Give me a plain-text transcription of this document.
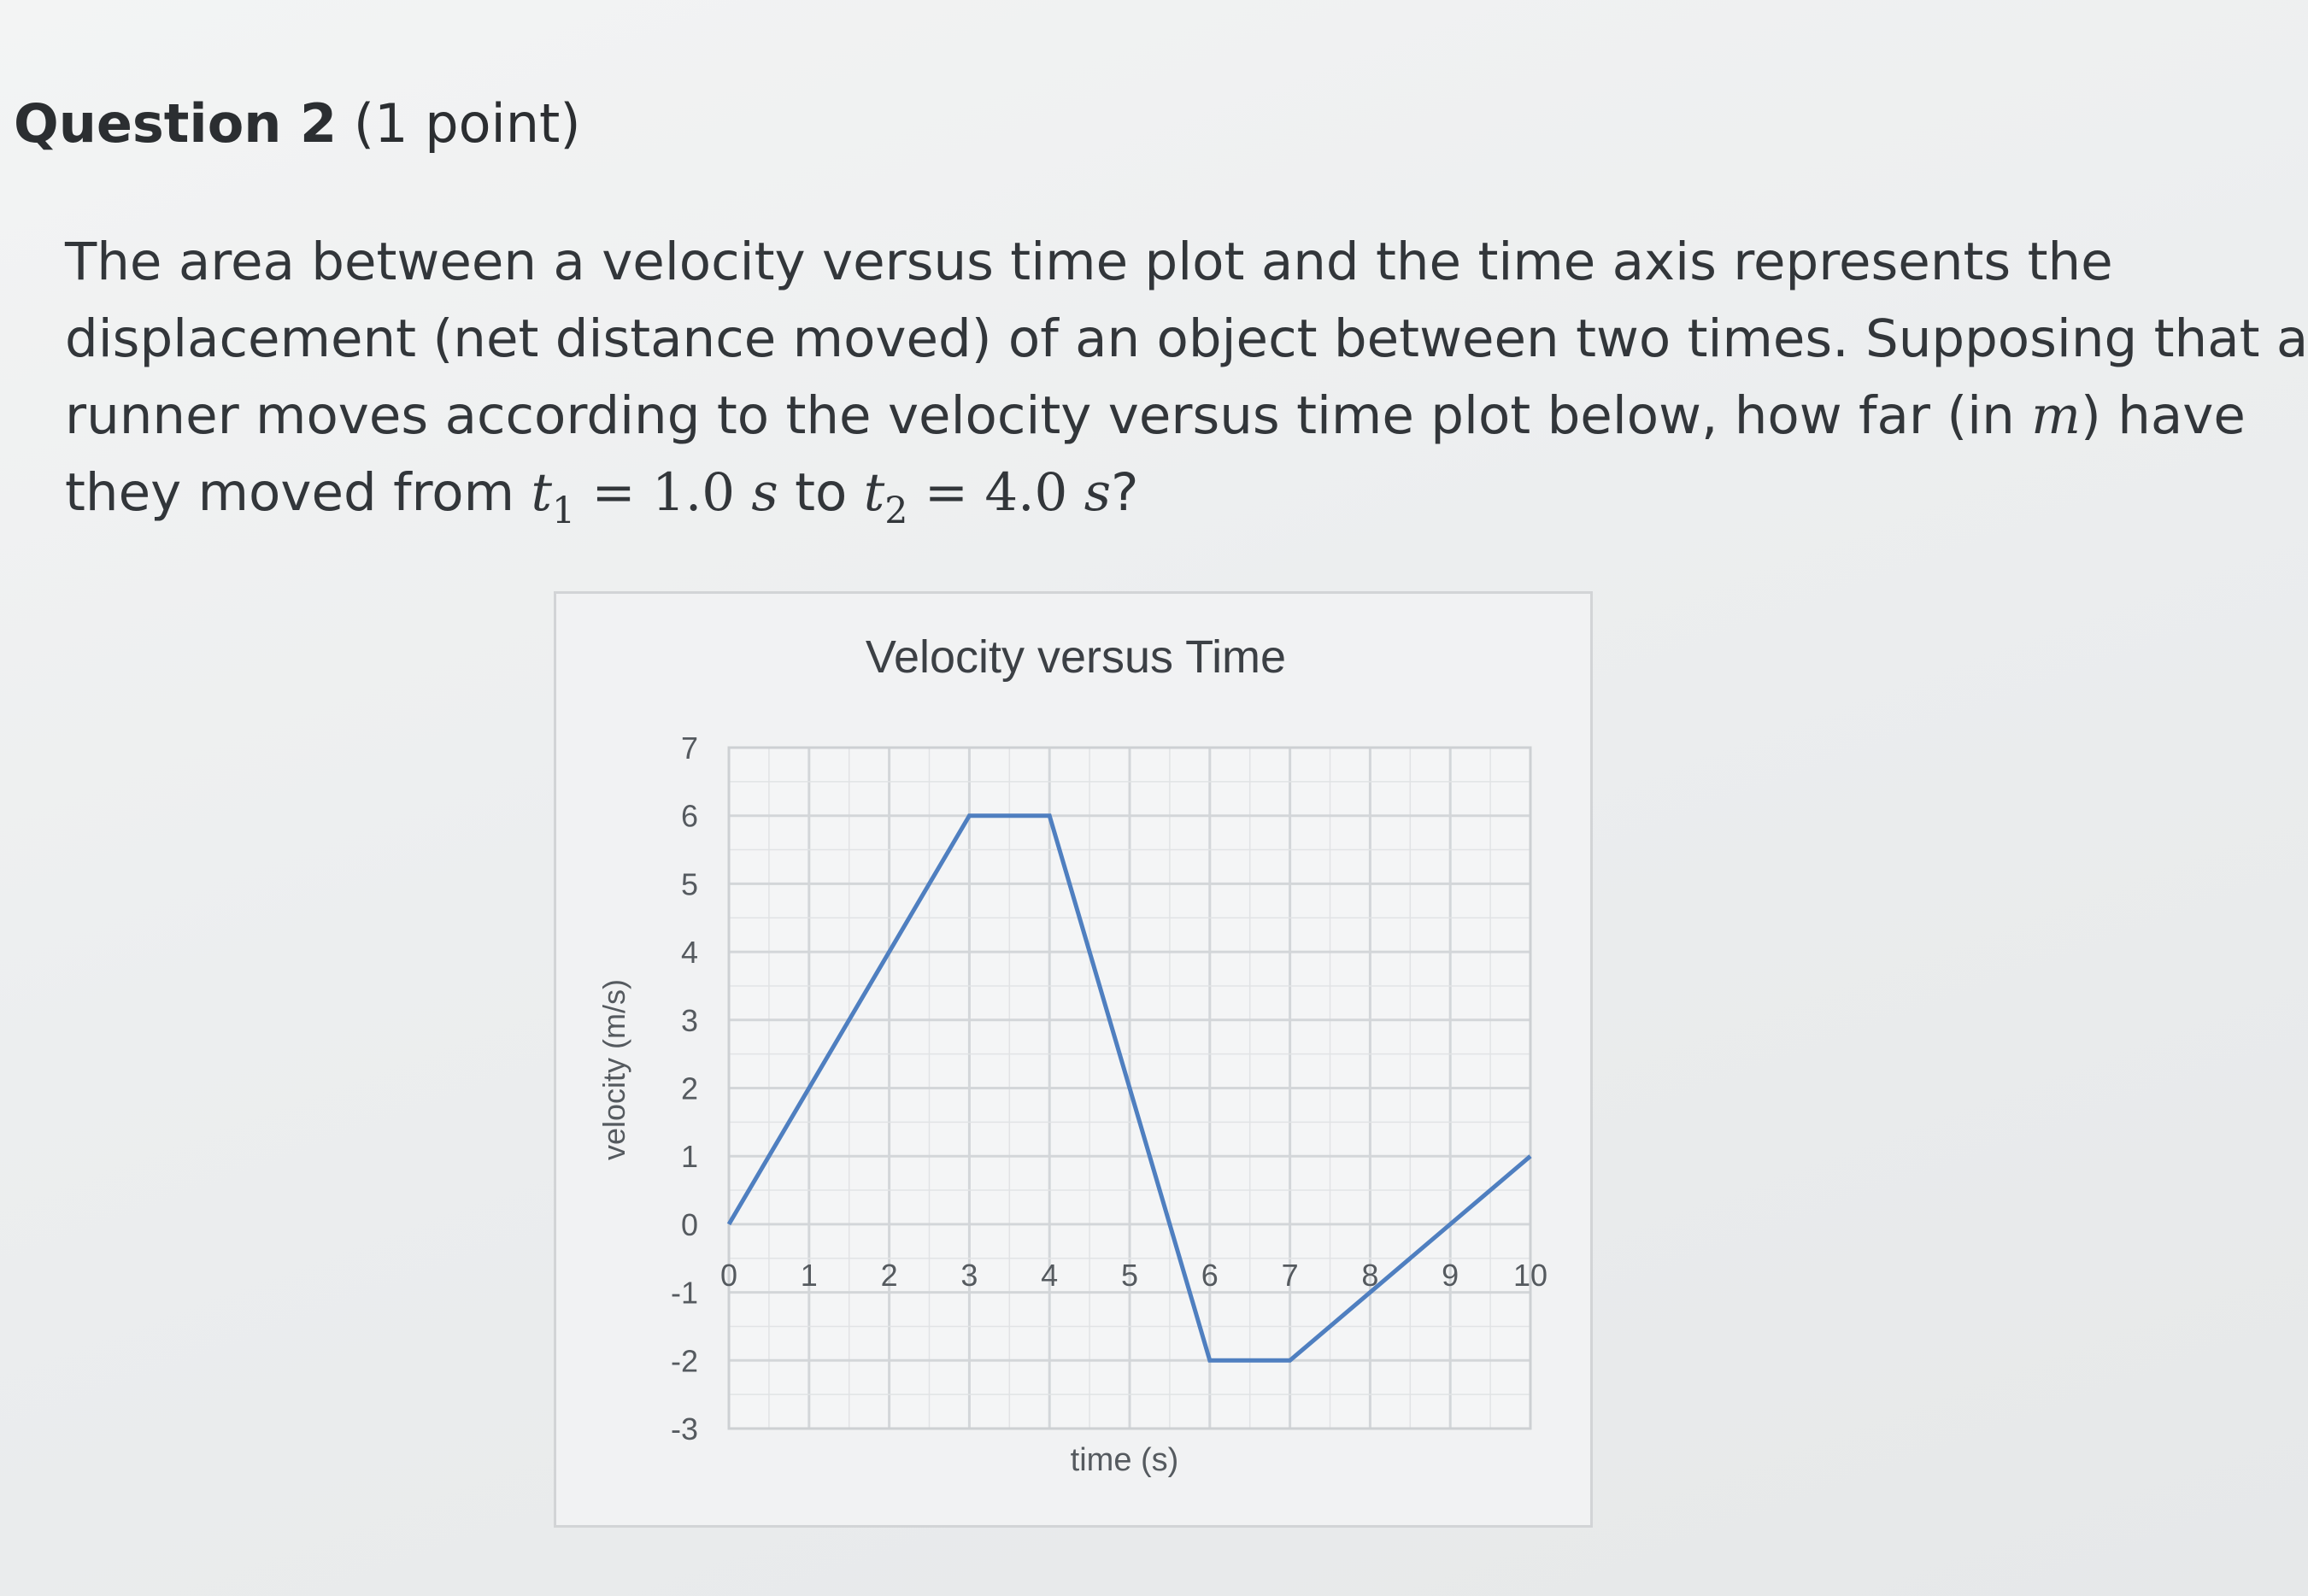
Question 2 (1 point)

The area between a velocity versus time plot and the time axis represents the

displacement (net distance moved) of an object between two times. Supposing that a

runner moves according to the velocity versus time plot below, how far (in m) have

they moved from $t_1 = 1.0$ s to $t_2 = 4.0$ s?

Velocity versus Time
7
6
5
4
3
2
1
0
-1
-2
-3
0 1 2 3 4 5 6 7 8 9 10
time (s)
velocity (m/s)
